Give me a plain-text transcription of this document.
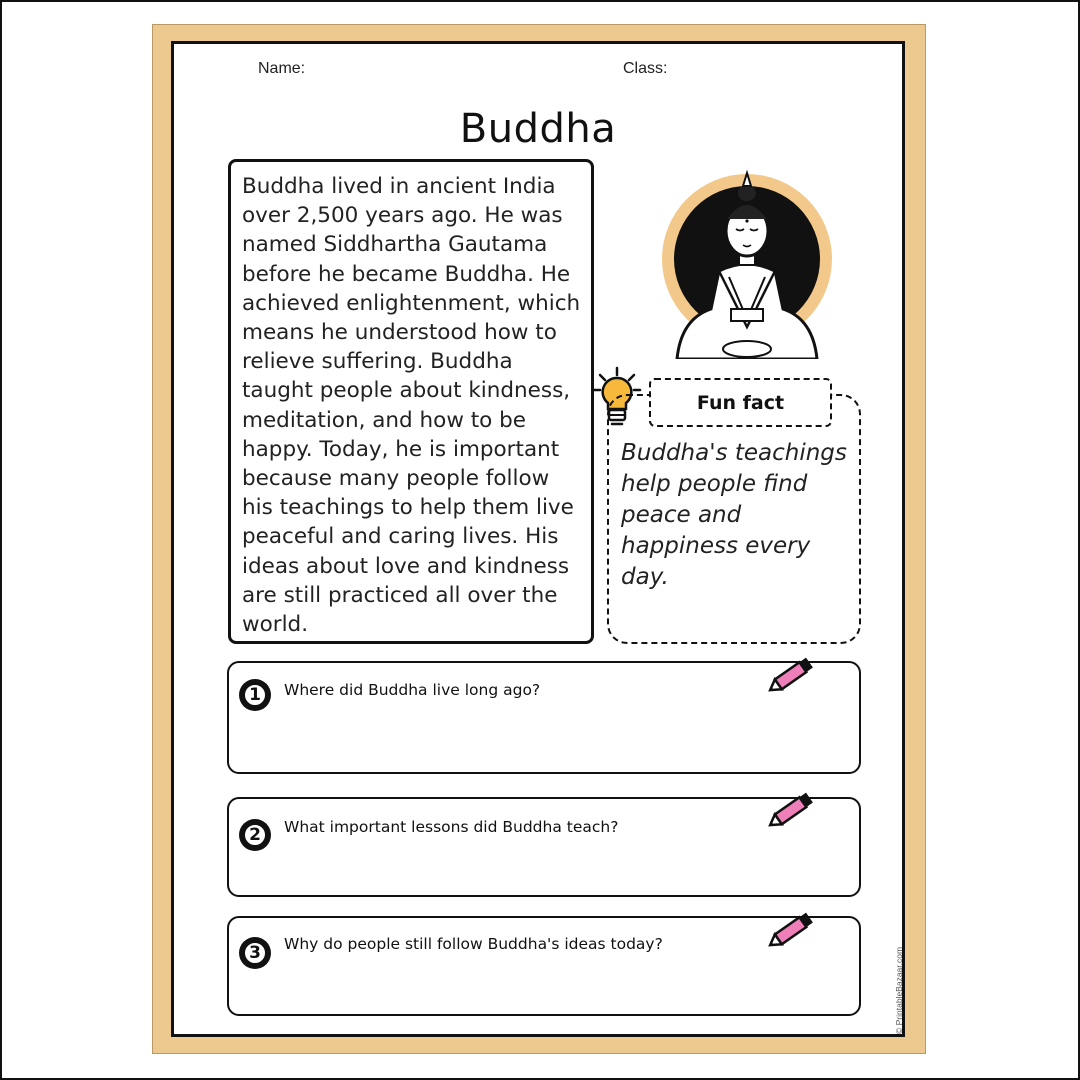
Name:	Class:
Buddha
Buddha lived in ancient India over 2,500 years ago. He was named Siddhartha Gautama before he became Buddha. He achieved enlightenment, which means he understood how to relieve suffering. Buddha taught people about kindness, meditation, and how to be happy. Today, he is important because many people follow his teachings to help them live peaceful and caring lives. His ideas about love and kindness are still practiced all over the world.
Fun fact
Buddha's teachings help people find peace and happiness every day.
1	Where did Buddha live long ago?
2	What important lessons did Buddha teach?
3	Why do people still follow Buddha's ideas today?
© PrintableBazaar.com
